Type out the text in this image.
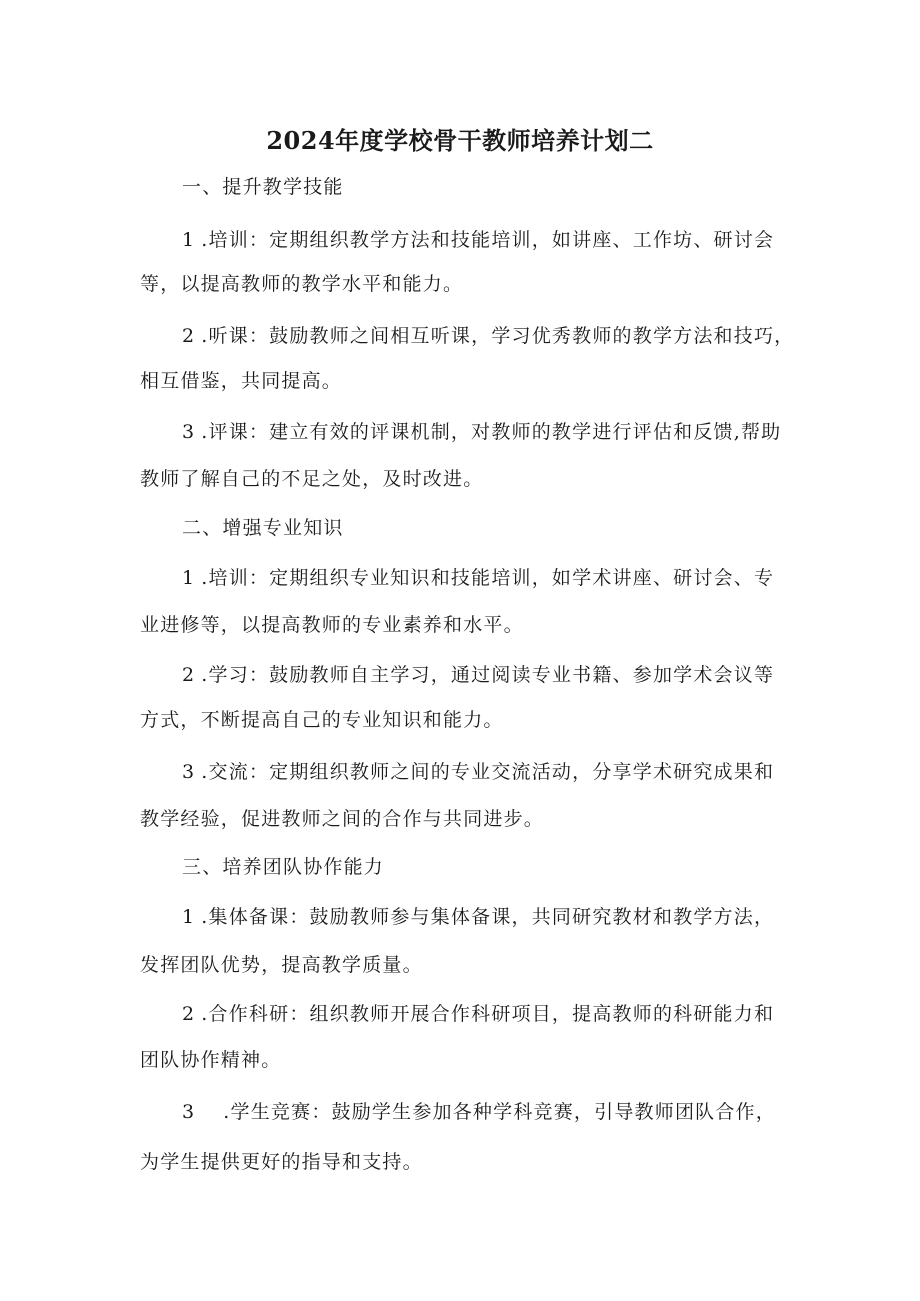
2024年度学校骨干教师培养计划二
一、提升教学技能
1 .培训：定期组织教学方法和技能培训，如讲座、工作坊、研讨会
等，以提高教师的教学水平和能力。
2 .听课：鼓励教师之间相互听课，学习优秀教师的教学方法和技巧，
相互借鉴，共同提高。
3 .评课：建立有效的评课机制，对教师的教学进行评估和反馈,帮助
教师了解自己的不足之处，及时改进。
二、增强专业知识
1 .培训：定期组织专业知识和技能培训，如学术讲座、研讨会、专
业进修等，以提高教师的专业素养和水平。
2 .学习：鼓励教师自主学习，通过阅读专业书籍、参加学术会议等
方式，不断提高自己的专业知识和能力。
3 .交流：定期组织教师之间的专业交流活动，分享学术研究成果和
教学经验，促进教师之间的合作与共同进步。
三、培养团队协作能力
1 .集体备课：鼓励教师参与集体备课，共同研究教材和教学方法，
发挥团队优势，提高教学质量。
2 .合作科研：组织教师开展合作科研项目，提高教师的科研能力和
团队协作精神。
3 .学生竞赛：鼓励学生参加各种学科竞赛，引导教师团队合作，
为学生提供更好的指导和支持。
